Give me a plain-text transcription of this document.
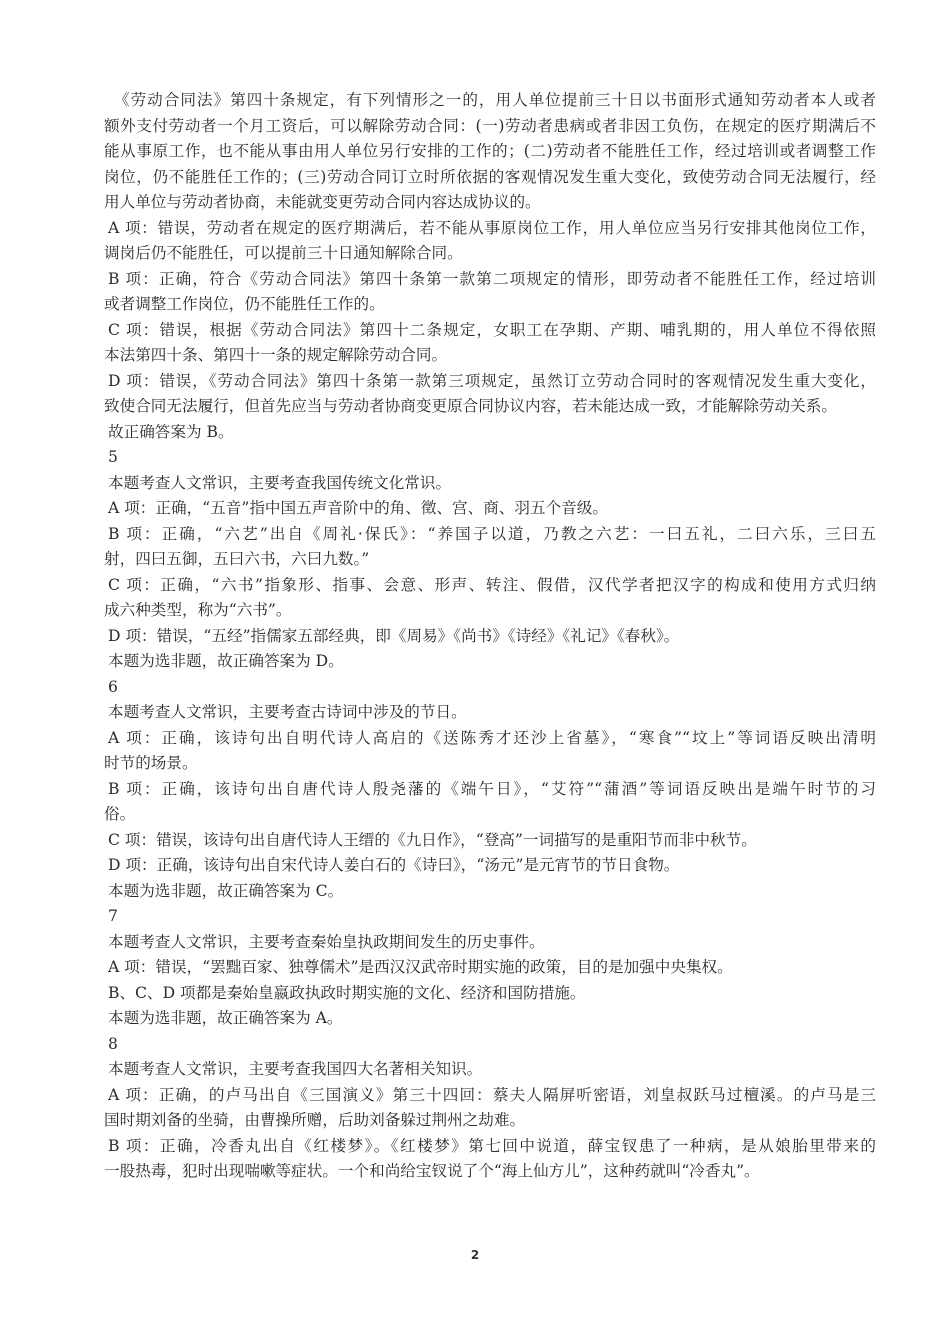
《劳动合同法》第四十条规定，有下列情形之一的，用人单位提前三十日以书面形式通知劳动者本人或者
额外支付劳动者一个月工资后，可以解除劳动合同：(一)劳动者患病或者非因工负伤，在规定的医疗期满后不
能从事原工作，也不能从事由用人单位另行安排的工作的；(二)劳动者不能胜任工作，经过培训或者调整工作
岗位，仍不能胜任工作的；(三)劳动合同订立时所依据的客观情况发生重大变化，致使劳动合同无法履行，经
用人单位与劳动者协商，未能就变更劳动合同内容达成协议的。
A 项：错误，劳动者在规定的医疗期满后，若不能从事原岗位工作，用人单位应当另行安排其他岗位工作，
调岗后仍不能胜任，可以提前三十日通知解除合同。
B 项：正确，符合《劳动合同法》第四十条第一款第二项规定的情形，即劳动者不能胜任工作，经过培训
或者调整工作岗位，仍不能胜任工作的。
C 项：错误，根据《劳动合同法》第四十二条规定，女职工在孕期、产期、哺乳期的，用人单位不得依照
本法第四十条、第四十一条的规定解除劳动合同。
D 项：错误，《劳动合同法》第四十条第一款第三项规定，虽然订立劳动合同时的客观情况发生重大变化，
致使合同无法履行，但首先应当与劳动者协商变更原合同协议内容，若未能达成一致，才能解除劳动关系。
故正确答案为 B。
5
本题考查人文常识，主要考查我国传统文化常识。
A 项：正确，“五音”指中国五声音阶中的角、徵、宫、商、羽五个音级。
B 项：正确，“六艺”出自《周礼·保氏》：“养国子以道，乃教之六艺：一曰五礼，二曰六乐，三曰五
射，四曰五御，五曰六书，六曰九数。”
C 项：正确，“六书”指象形、指事、会意、形声、转注、假借，汉代学者把汉字的构成和使用方式归纳
成六种类型，称为“六书”。
D 项：错误，“五经”指儒家五部经典，即《周易》《尚书》《诗经》《礼记》《春秋》。
本题为选非题，故正确答案为 D。
6
本题考查人文常识，主要考查古诗词中涉及的节日。
A 项：正确，该诗句出自明代诗人高启的《送陈秀才还沙上省墓》，“寒食”“坟上”等词语反映出清明
时节的场景。
B 项：正确，该诗句出自唐代诗人殷尧藩的《端午日》，“艾符”“蒲酒”等词语反映出是端午时节的习
俗。
C 项：错误，该诗句出自唐代诗人王缙的《九日作》，“登高”一词描写的是重阳节而非中秋节。
D 项：正确，该诗句出自宋代诗人姜白石的《诗曰》，“汤元”是元宵节的节日食物。
本题为选非题，故正确答案为 C。
7
本题考查人文常识，主要考查秦始皇执政期间发生的历史事件。
A 项：错误，“罢黜百家、独尊儒术”是西汉汉武帝时期实施的政策，目的是加强中央集权。
B、C、D 项都是秦始皇嬴政执政时期实施的文化、经济和国防措施。
本题为选非题，故正确答案为 A。
8
本题考查人文常识，主要考查我国四大名著相关知识。
A 项：正确，的卢马出自《三国演义》第三十四回：蔡夫人隔屏听密语，刘皇叔跃马过檀溪。的卢马是三
国时期刘备的坐骑，由曹操所赠，后助刘备躲过荆州之劫难。
B 项：正确，冷香丸出自《红楼梦》。《红楼梦》第七回中说道，薛宝钗患了一种病，是从娘胎里带来的
一股热毒，犯时出现喘嗽等症状。一个和尚给宝钗说了个“海上仙方儿”，这种药就叫“冷香丸”。
2
